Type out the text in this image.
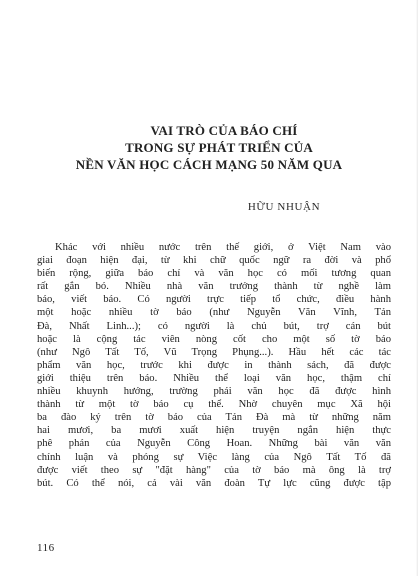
VAI TRÒ CỦA BÁO CHÍ
TRONG SỰ PHÁT TRIỂN CỦA
NỀN VĂN HỌC CÁCH MẠNG 50 NĂM QUA
HỮU NHUẬN
Khác với nhiều nước trên thế giới, ở Việt Nam vào
giai đoạn hiện đại, từ khi chữ quốc ngữ ra đời và phổ
biến rộng, giữa báo chí và văn học có mối tương quan
rất gắn bó. Nhiều nhà văn trưởng thành từ nghề làm
báo, viết báo. Có người trực tiếp tổ chức, điều hành
một hoặc nhiều tờ báo (như Nguyễn Văn Vĩnh, Tản
Đà, Nhất Linh...); có người là chủ bút, trợ cán bút
hoặc là cộng tác viên nòng cốt cho một số tờ báo
(như Ngô Tất Tố, Vũ Trọng Phụng...). Hầu hết các tác
phẩm văn học, trước khi được in thành sách, đã được
giới thiệu trên báo. Nhiều thể loại văn học, thậm chí
nhiều khuynh hướng, trường phái văn học đã được hình
thành từ một tờ báo cụ thể. Nhờ chuyên mục Xã hội
ba đào ký trên tờ báo của Tản Đà mà từ những năm
hai mươi, ba mươi xuất hiện truyện ngắn hiện thực
phê phán của Nguyễn Công Hoan. Những bài văn văn
chính luận và phóng sự Việc làng của Ngô Tất Tố đã
được viết theo sự "đặt hàng" của tờ báo mà ông là trợ
bút. Có thể nói, cả vài văn đoàn Tự lực cũng được tập
116
